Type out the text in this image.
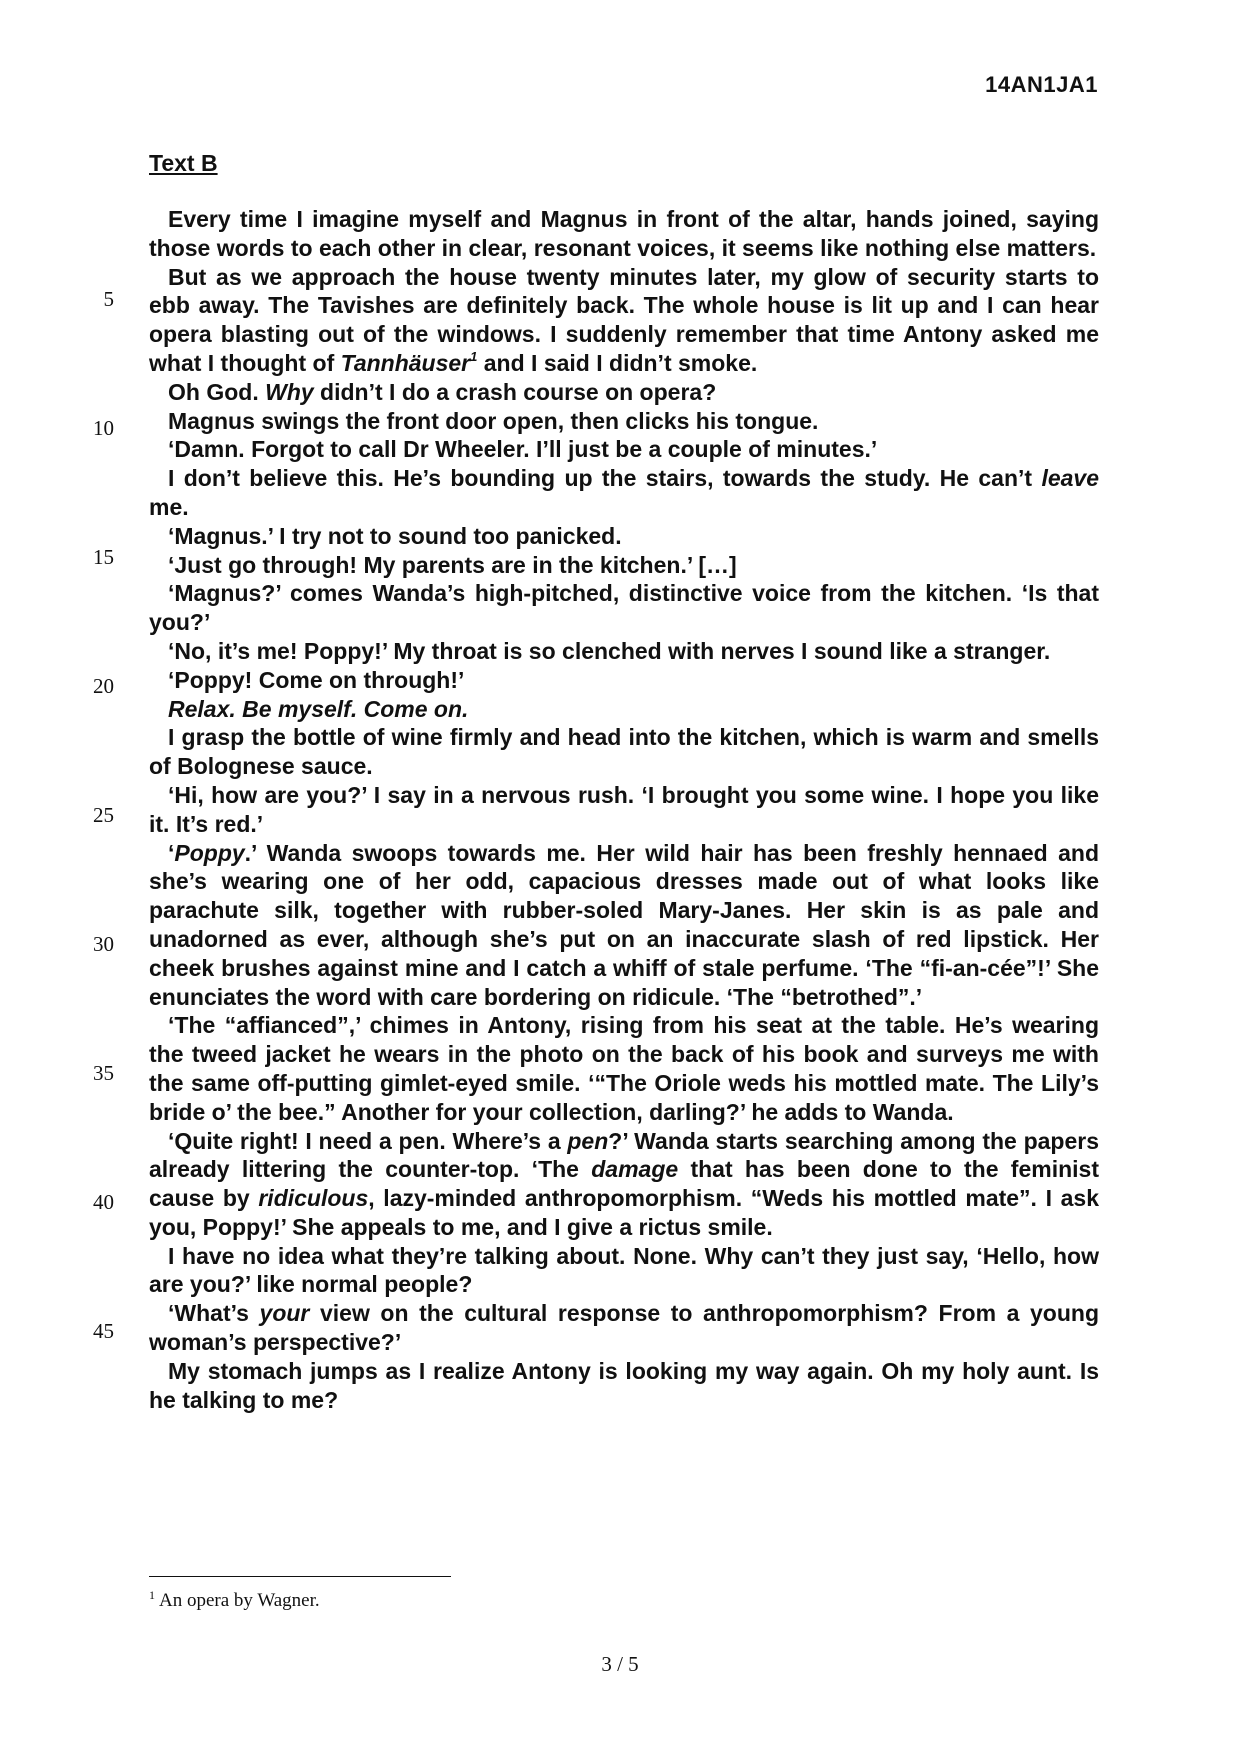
14AN1JA1
Text B

Every time I imagine myself and Magnus in front of the altar, hands joined, saying those words to each other in clear, resonant voices, it seems like nothing else matters.

But as we approach the house twenty minutes later, my glow of security starts to ebb away. The Tavishes are definitely back. The whole house is lit up and I can hear opera blasting out of the windows. I suddenly remember that time Antony asked me what I thought of Tannhäuser$^1$ and I said I didn’t smoke.

Oh God. Why didn’t I do a crash course on opera?

Magnus swings the front door open, then clicks his tongue.

‘Damn. Forgot to call Dr Wheeler. I’ll just be a couple of minutes.’

I don’t believe this. He’s bounding up the stairs, towards the study. He can’t leave me.

‘Magnus.’ I try not to sound too panicked.

‘Just go through! My parents are in the kitchen.’ […]

‘Magnus?’ comes Wanda’s high-pitched, distinctive voice from the kitchen. ‘Is that you?’

‘No, it’s me! Poppy!’ My throat is so clenched with nerves I sound like a stranger.

‘Poppy! Come on through!’

Relax. Be myself. Come on.

I grasp the bottle of wine firmly and head into the kitchen, which is warm and smells of Bolognese sauce.

‘Hi, how are you?’ I say in a nervous rush. ‘I brought you some wine. I hope you like it. It’s red.’

‘Poppy.’ Wanda swoops towards me. Her wild hair has been freshly hennaed and she’s wearing one of her odd, capacious dresses made out of what looks like parachute silk, together with rubber-soled Mary-Janes. Her skin is as pale and unadorned as ever, although she’s put on an inaccurate slash of red lipstick. Her cheek brushes against mine and I catch a whiff of stale perfume. ‘The “fi-an-cée”!’ She enunciates the word with care bordering on ridicule. ‘The “betrothed”.’

‘The “affianced”,’ chimes in Antony, rising from his seat at the table. He’s wearing the tweed jacket he wears in the photo on the back of his book and surveys me with the same off-putting gimlet-eyed smile. ‘“The Oriole weds his mottled mate. The Lily’s bride o’ the bee.” Another for your collection, darling?’ he adds to Wanda.

‘Quite right! I need a pen. Where’s a pen?’ Wanda starts searching among the papers already littering the counter-top. ‘The damage that has been done to the feminist cause by ridiculous, lazy-minded anthropomorphism. “Weds his mottled mate”. I ask you, Poppy!’ She appeals to me, and I give a rictus smile.

I have no idea what they’re talking about. None. Why can’t they just say, ‘Hello, how are you?’ like normal people?

‘What’s your view on the cultural response to anthropomorphism? From a young woman’s perspective?’

My stomach jumps as I realize Antony is looking my way again. Oh my holy aunt. Is he talking to me?

5
10
15
20
25
30
35
40
45
$^1$ An opera by Wagner.
3 / 5
